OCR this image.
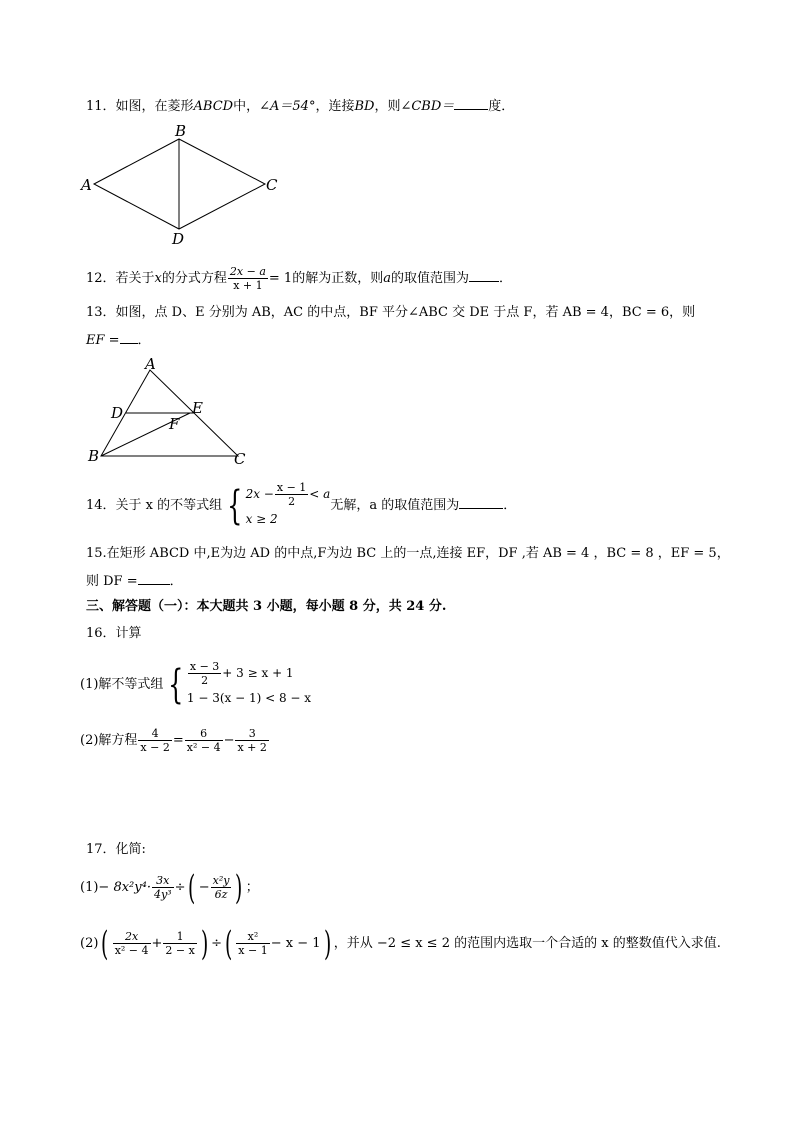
11．如图，在菱形ABCD中，∠A＝54°，连接BD，则∠CBD＝	度．
A
B
C
D
12．若关于x的分式方程 $\frac{2x - a}{x + 1} = 1$的解为正数，则a的取值范围为 ．
13．如图，点 D、E 分别为 AB，AC 的中点，BF 平分∠ABC 交 DE 于点 F，若 AB = 4，BC = 6，则
EF = ．
A
B	C
D	E
F
14．关于 x 的不等式组 { $2x - \frac{x - 1}{2} < a$
x ≥ 2
无解，a 的取值范围为	．
15.在矩形 ABCD 中,E为边 AD 的中点,F为边 BC 上的一点,连接 EF，DF ,若 AB = 4 ，BC = 8 ，EF = 5，
则 DF = ．
三、解答题（一）：本大题共 3 小题，每小题 8 分，共 24 分.
16．计算
(1)解不等式组 { $\frac{x - 3}{2} + 3 \ge x + 1$
1 − 3(x − 1) < 8 − x
(2)解方程 $\frac{4}{x - 2} = \frac{6}{\text{x² − 4}} - \frac{3}{x + 2}$
17．化简:
$(1)- 8x^2y^4\cdot \frac{3x}{\text{4y³}}$ ÷( − $\frac{\text{x²y}}{6z}$ ) ；
$(2)( \frac{2x}{\text{x² − 4}} + \frac{1}{2 - x}$ ) ÷( $\frac{\text{x²}}{x - 1} - x - 1$) ，并从 −2 ≤ x ≤ 2 的范围内选取一个合适的 x 的整数值代入求值.
